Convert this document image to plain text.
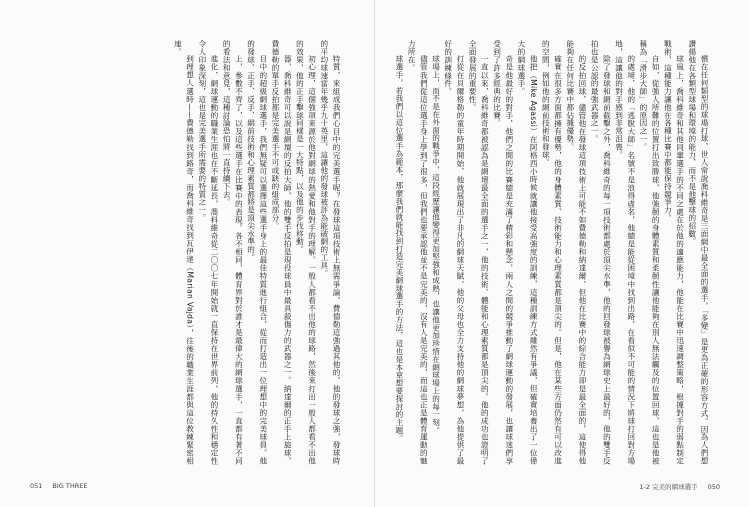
特質，來組成我們心目中的完美選手呢？在發球這項技術上無需爭論，費德勒這強過其他的，他的發球之強，發球時的平均球速當年幾乎九十英里，這讓他的發球被評為能破網的工具。

初心理，這個強項來源於他對網球的熱愛和他對手的理解。一般人都看不出他的球路，然後來打出一般人都看不出他的效果，他的正手擊球同樣是一大特點，以及他的步伐移動。

器，喬科維奇可以說是網壇的反拍大師，他的雙手反拍是現役球員中最具殺傷力的武器之一。納達爾的正手上旋球，費德勒的單手反拍都是完美選手不可或缺的組成部分。

目中的超級網球選手，我們無疑可以選擇這些選手身上的最佳特質進行組合，從而打造出一位理想中的完美球員。他的發球、正手、反手、網前技術和心理素質都將是頂尖水準的。

上，參數不齊了，以及這些選手在比賽中的表現。各不相同，體育界對於誰才是最偉大的網球選手，一直都有著不同的看法和意見，這種討論恐怕將一直持續下去。

進化，網球運動的職業生涯也在不斷延長，喬科維奇從二〇〇七年開始就一直保持在世界前列，他的持久性和穩定性令人印象深刻，這也是完美選手所需要的特質之一。

到理想人選時——費德勒找到路奇，而喬科維奇找到瓦伊達（Marian Vajda），往後的職業生涯都與這位教練緊密相連。

慣在任何類型的球場打球，世人常說喬科維奇是三面網中最全面的選手，「多變」是更為正確的形容方式。因為人們想讚揚他在各類型球場和環境的能力，而不是他擊球的招數。

球風上，喬科維奇和其他同輩選手的不同之處在於他的適應能力，他能在比賽中迅速調整策略，根據對手的弱點制定戰術，這種能力讓他在各種比賽中都能保持競爭力。

自如，從強人所難的位置打出致勝球，他強韌的身體素質和柔韌性讓他能夠在別人無法觸及的位置回球，這也是他被稱為「滑步大師」的原因之一。

的處境，他的「逃脫大師」名號不是浪得虛名，他總是能從困境中找到出路，在看似不可能的情況下將球打回對方場地，這讓他的對手感到非常沮喪。

除了發球和網前截擊之外，喬科維奇的每一項技術都處於頂尖水準，他的回發球被譽為網球史上最好的，他的雙手反拍也是公認的最強武器之一。

的反拍回球，儘管他在發球這項技術上可能不如費德勒和納達爾，但他在比賽中的綜合能力卻是最全面的，這使得他能夠在任何比賽中都佔據優勢。

確實在很多方面都擁有優勢，他的身體素質、技術能力和心理素質都是頂尖的。但是，他在某些方面仍然有可以改進的空間，例如他的網前技術和發球。

他把（Mike Agassi）在阿格西小時候就讓他接受高強度的訓練，這種訓練方式雖然有爭議，但確實培養出了一位偉大的網球選手。

奇是他最好的對手，他們之間的比賽總是充滿了精彩和懸念，兩人之間的競爭推動了網球運動的發展，也讓球迷們享受到了許多經典的比賽。

一直以來，喬科維奇都被認為是網壇最全面的選手之一，他的技術、體能和心理素質都是頂尖的。他的成功也證明了全面發展的重要性。

打從在貝爾格勒的童年時期開始，他就展現出了非凡的網球天賦，他的父母也全力支持他的網球夢想，為他提供了最好的訓練條件。

球場上，而不是在外面的戰爭中，這段經歷讓他變得更加堅強和成熟，也讓他更加珍惜在網球場上的每一刻。

儘管我們從這位選手身上學到了很多，但我們也要承認他並不是完美的，沒有人是完美的，而這也正是體育運動的魅力所在。

球選手，若我們以這位選手為範本，那麼我們就能找到打造完美網球選手的方法，這也是本章想要探討的主題。

051 BIG THREE	1-2 完美的網球選手 050
